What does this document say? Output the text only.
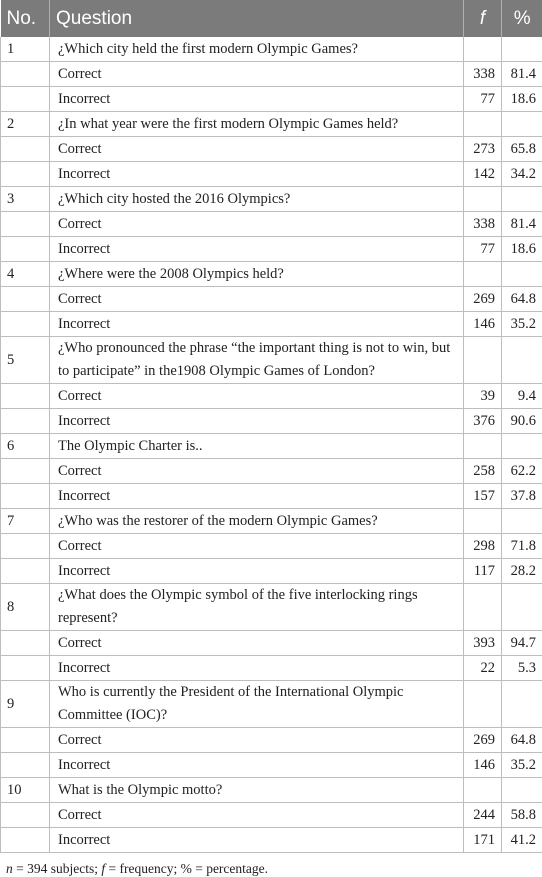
No.	Question	f	%
1	¿Which city held the first modern Olympic Games?		
	Correct	338	81.4
	Incorrect	77	18.6
2	¿In what year were the first modern Olympic Games held?		
	Correct	273	65.8
	Incorrect	142	34.2
3	¿Which city hosted the 2016 Olympics?		
	Correct	338	81.4
	Incorrect	77	18.6
4	¿Where were the 2008 Olympics held?		
	Correct	269	64.8
	Incorrect	146	35.2
5	¿Who pronounced the phrase “the important thing is not to win, but to participate” in the1908 Olympic Games of London?		
	Correct	39	9.4
	Incorrect	376	90.6
6	The Olympic Charter is..		
	Correct	258	62.2
	Incorrect	157	37.8
7	¿Who was the restorer of the modern Olympic Games?		
	Correct	298	71.8
	Incorrect	117	28.2
8	¿What does the Olympic symbol of the five interlocking rings represent?		
	Correct	393	94.7
	Incorrect	22	5.3
9	Who is currently the President of the International Olympic Committee (IOC)?		
	Correct	269	64.8
	Incorrect	146	35.2
10	What is the Olympic motto?		
	Correct	244	58.8
	Incorrect	171	41.2
n = 394 subjects; f = frequency; % = percentage.
